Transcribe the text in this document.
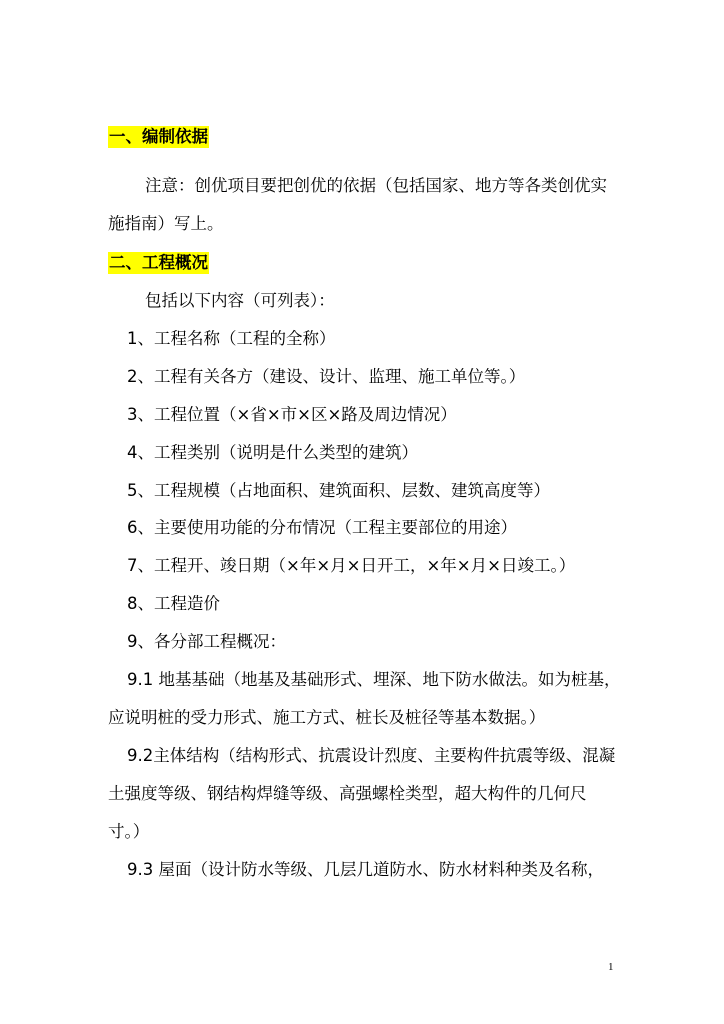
一、编制依据
注意：创优项目要把创优的依据（包括国家、地方等各类创优实
施指南）写上。
二、工程概况
包括以下内容（可列表）：
1、工程名称（工程的全称）
2、工程有关各方（建设、设计、监理、施工单位等。）
3、工程位置（×省×市×区×路及周边情况）
4、工程类别（说明是什么类型的建筑）
5、工程规模（占地面积、建筑面积、层数、建筑高度等）
6、主要使用功能的分布情况（工程主要部位的用途）
7、工程开、竣日期（×年×月×日开工，×年×月×日竣工。）
8、工程造价
9、各分部工程概况：
9.1 地基基础（地基及基础形式、埋深、地下防水做法。如为桩基，
应说明桩的受力形式、施工方式、桩长及桩径等基本数据。）
9.2主体结构（结构形式、抗震设计烈度、主要构件抗震等级、混凝
土强度等级、钢结构焊缝等级、高强螺栓类型，超大构件的几何尺
寸。）
9.3 屋面（设计防水等级、几层几道防水、防水材料种类及名称，
1
